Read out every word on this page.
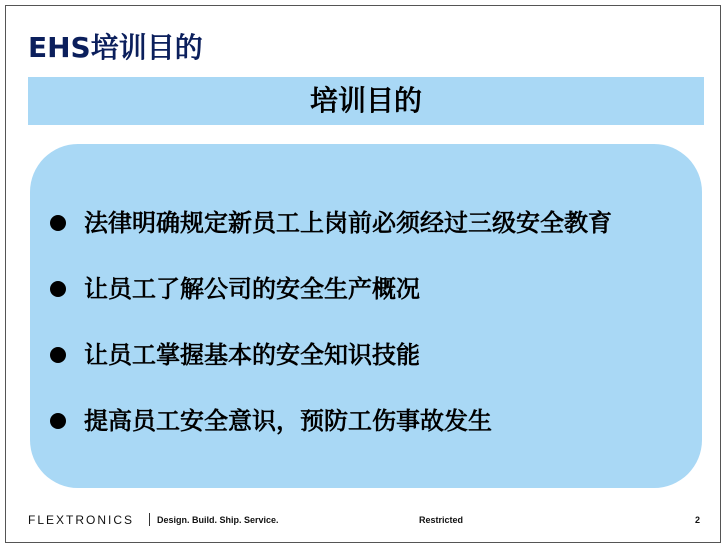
EHS培训目的
培训目的
法律明确规定新员工上岗前必须经过三级安全教育
让员工了解公司的安全生产概况
让员工掌握基本的安全知识技能
提高员工安全意识，预防工伤事故发生
FLEXTRONICS	Design. Build. Ship. Service.	Restricted	2
